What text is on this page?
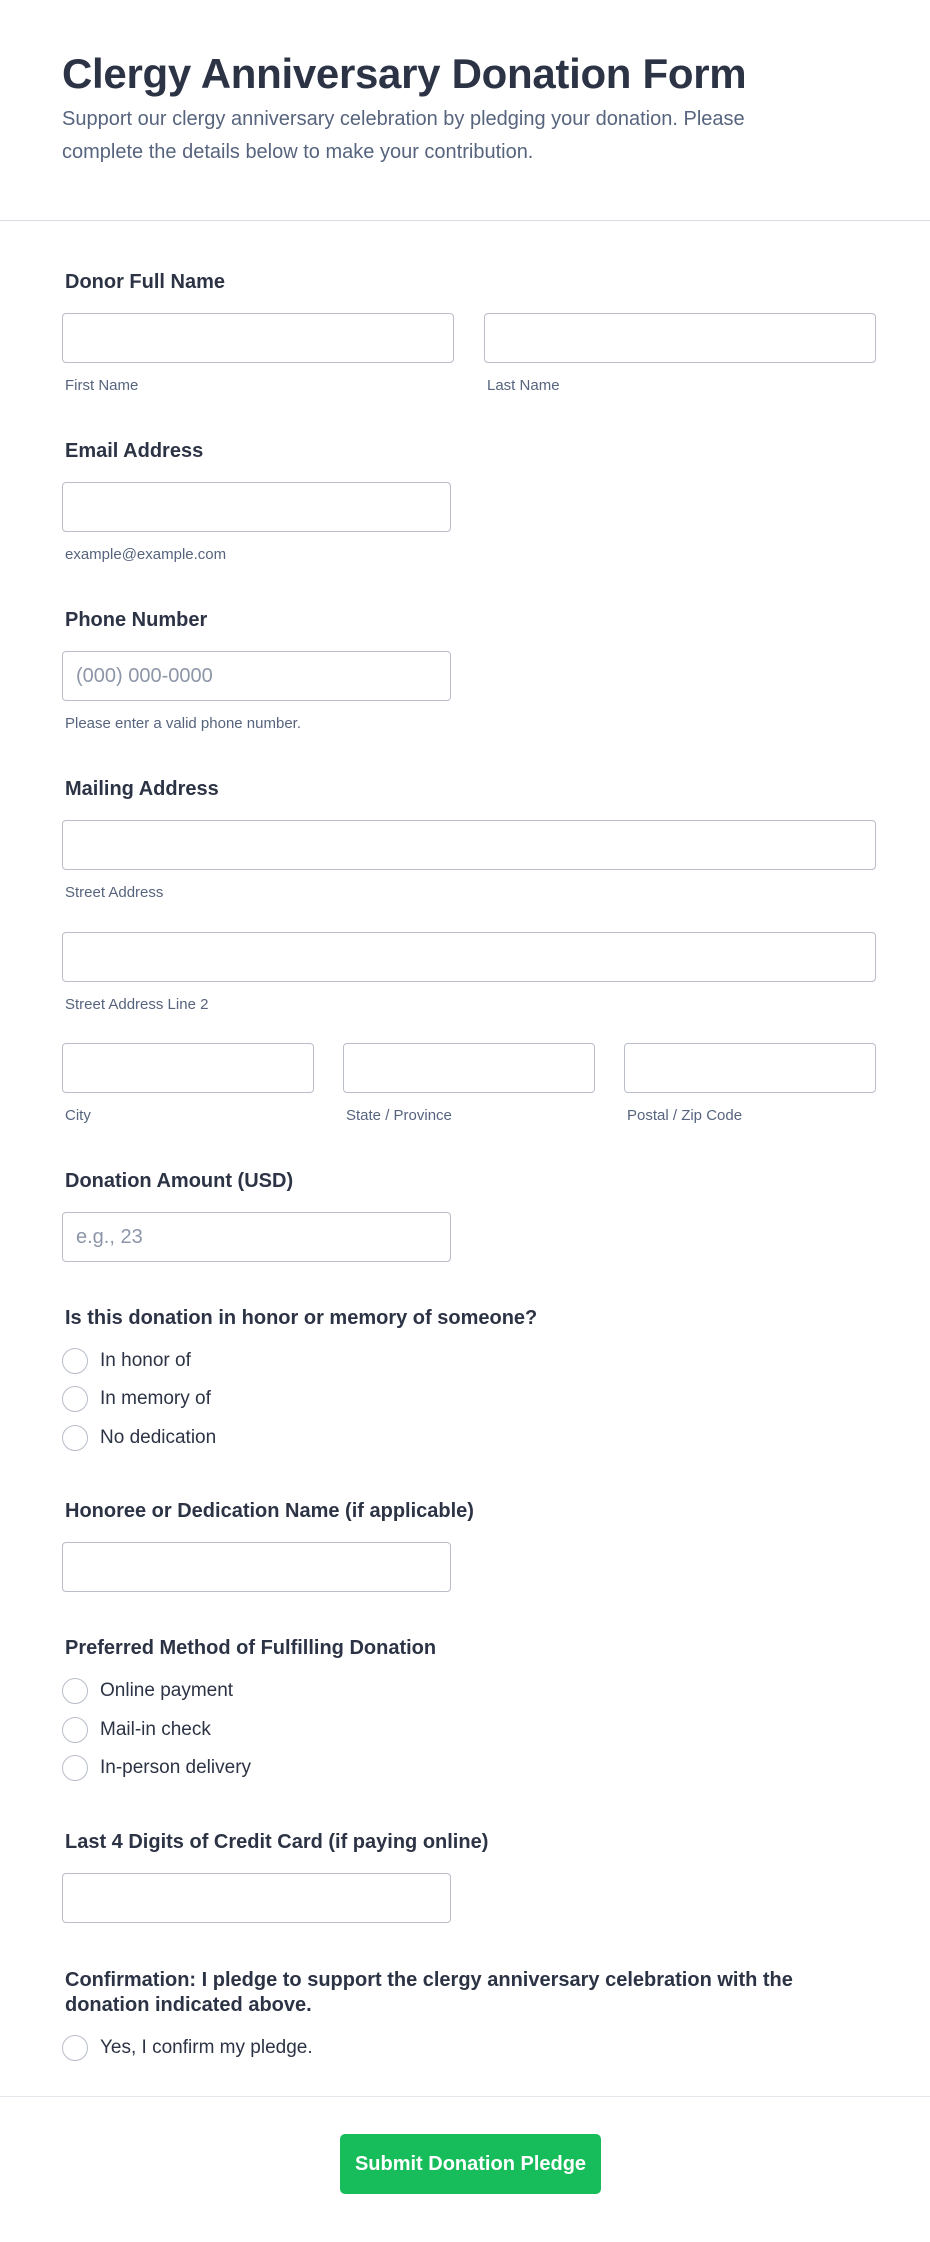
Clergy Anniversary Donation Form

Support our clergy anniversary celebration by pledging your donation. Please complete the details below to make your contribution.

Donor Full Name
First Name	Last Name
Email Address
example@example.com
Phone Number
(000) 000-0000
Please enter a valid phone number.
Mailing Address
Street Address
Street Address Line 2
City	State / Province	Postal / Zip Code
Donation Amount (USD)
e.g., 23
Is this donation in honor or memory of someone?
In honor of
In memory of
No dedication
Honoree or Dedication Name (if applicable)
Preferred Method of Fulfilling Donation
Online payment
Mail-in check
In-person delivery
Last 4 Digits of Credit Card (if paying online)
Confirmation: I pledge to support the clergy anniversary celebration with the donation indicated above.
Yes, I confirm my pledge.
Submit Donation Pledge
